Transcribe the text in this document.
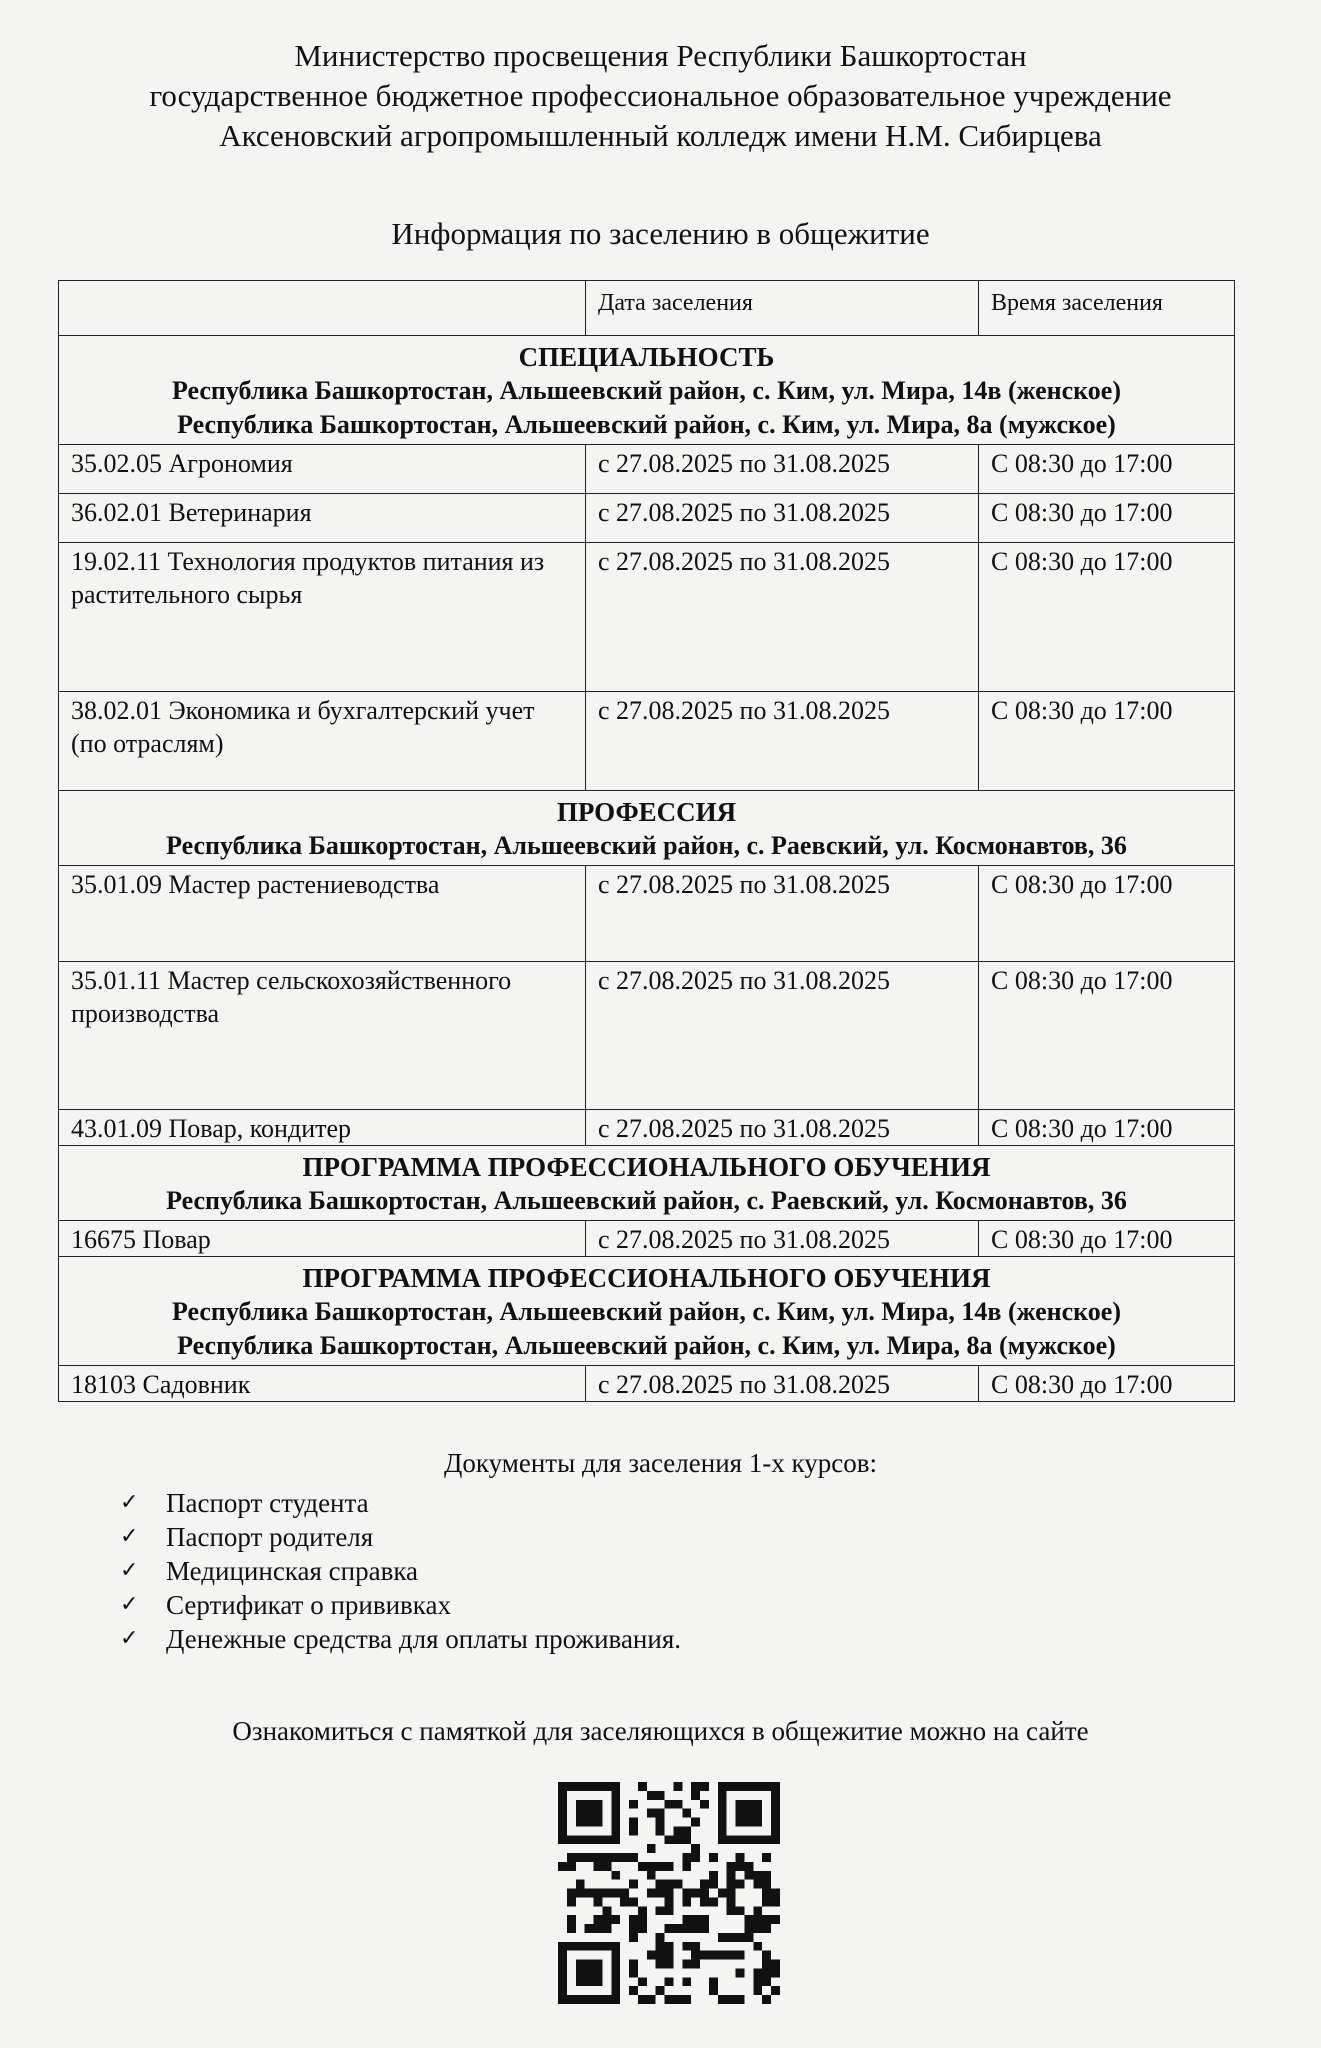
Министерство просвещения Республики Башкортостан
государственное бюджетное профессиональное образовательное учреждение
Аксеновский агропромышленный колледж имени Н.М. Сибирцева
Информация по заселению в общежитие
	Дата заселения	Время заселения

СПЕЦИАЛЬНОСТЬ
Республика Башкортостан, Альшеевский район, с. Ким, ул. Мира, 14в (женское)
Республика Башкортостан, Альшеевский район, с. Ким, ул. Мира, 8а (мужское)		

35.02.05 Агрономия	с 27.08.2025 по 31.08.2025	С 08:30 до 17:00
36.02.01 Ветеринария	с 27.08.2025 по 31.08.2025	С 08:30 до 17:00
19.02.11 Технология продуктов питания из растительного сырья	с 27.08.2025 по 31.08.2025	С 08:30 до 17:00
38.02.01 Экономика и бухгалтерский учет (по отраслям)	с 27.08.2025 по 31.08.2025	С 08:30 до 17:00

ПРОФЕССИЯ
Республика Башкортостан, Альшеевский район, с. Раевский, ул. Космонавтов, 36		

35.01.09 Мастер растениеводства	с 27.08.2025 по 31.08.2025	С 08:30 до 17:00
35.01.11 Мастер сельскохозяйственного производства	с 27.08.2025 по 31.08.2025	С 08:30 до 17:00
43.01.09 Повар, кондитер	с 27.08.2025 по 31.08.2025	С 08:30 до 17:00

ПРОГРАММА ПРОФЕССИОНАЛЬНОГО ОБУЧЕНИЯ
Республика Башкортостан, Альшеевский район, с. Раевский, ул. Космонавтов, 36		

16675 Повар	с 27.08.2025 по 31.08.2025	С 08:30 до 17:00

ПРОГРАММА ПРОФЕССИОНАЛЬНОГО ОБУЧЕНИЯ
Республика Башкортостан, Альшеевский район, с. Ким, ул. Мира, 14в (женское)
Республика Башкортостан, Альшеевский район, с. Ким, ул. Мира, 8а (мужское)		

18103 Садовник	с 27.08.2025 по 31.08.2025	С 08:30 до 17:00
Документы для заселения 1-х курсов:
✓	Паспорт студента
✓	Паспорт родителя
✓	Медицинская справка
✓	Сертификат о прививках
✓	Денежные средства для оплаты проживания.
Ознакомиться с памяткой для заселяющихся в общежитие можно на сайте
